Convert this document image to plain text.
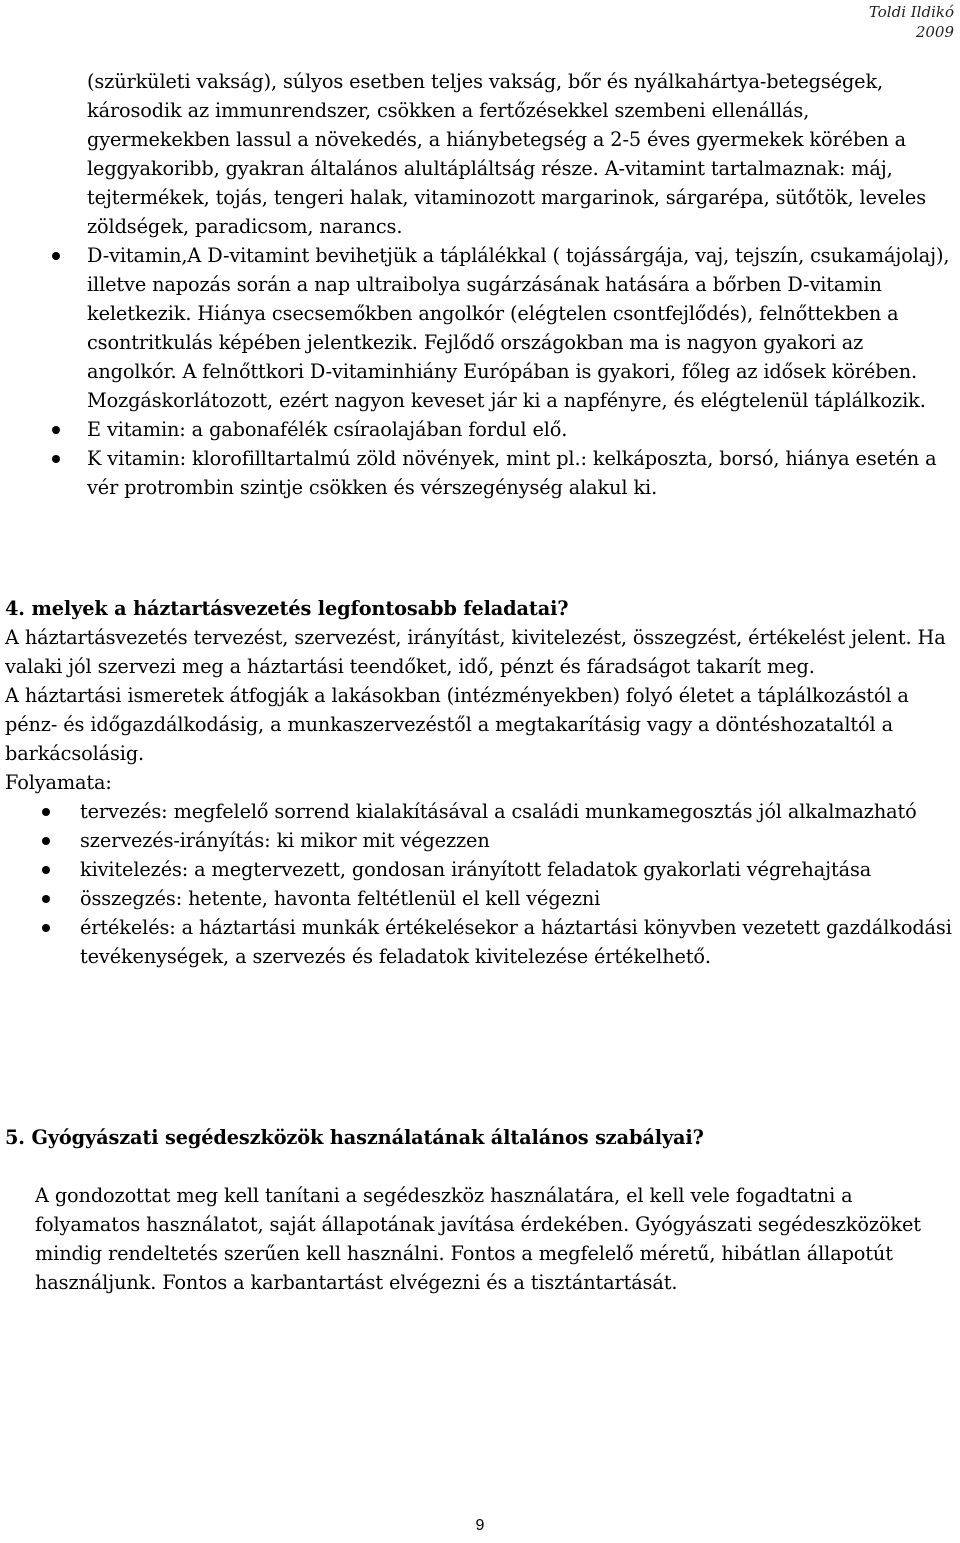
Toldi Ildikó
2009

(szürkületi vakság), súlyos esetben teljes vakság, bőr és nyálkahártya-betegségek, károsodik az immunrendszer, csökken a fertőzésekkel szembeni ellenállás, gyermekekben lassul a növekedés, a hiánybetegség a 2-5 éves gyermekek körében a leggyakoribb, gyakran általános alultápláltság része. A-vitamint tartalmaznak: máj, tejtermékek, tojás, tengeri halak, vitaminozott margarinok, sárgarépa, sütőtök, leveles zöldségek, paradicsom, narancs.

D-vitamin,A D-vitamint bevihetjük a táplálékkal ( tojássárgája, vaj, tejszín, csukamájolaj), illetve napozás során a nap ultraibolya sugárzásának hatására a bőrben D-vitamin keletkezik. Hiánya csecsemőkben angolkór (elégtelen csontfejlődés), felnőttekben a csontritkulás képében jelentkezik. Fejlődő országokban ma is nagyon gyakori az angolkór. A felnőttkori D-vitaminhiány Európában is gyakori, főleg az idősek körében. Mozgáskorlátozott, ezért nagyon keveset jár ki a napfényre, és elégtelenül táplálkozik.
E vitamin: a gabonafélék csíraolajában fordul elő.
K vitamin: klorofilltartalmú zöld növények, mint pl.: kelkáposzta, borsó, hiánya esetén a vér protrombin szintje csökken és vérszegénység alakul ki.

4. melyek a háztartásvezetés legfontosabb feladatai?

A háztartásvezetés tervezést, szervezést, irányítást, kivitelezést, összegzést, értékelést jelent. Ha valaki jól szervezi meg a háztartási teendőket, idő, pénzt és fáradságot takarít meg.

A háztartási ismeretek átfogják a lakásokban (intézményekben) folyó életet a táplálkozástól a pénz- és időgazdálkodásig, a munkaszervezéstől a megtakarításig vagy a döntéshozataltól a barkácsolásig.

Folyamata:

tervezés: megfelelő sorrend kialakításával a családi munkamegosztás jól alkalmazható
szervezés-irányítás: ki mikor mit végezzen
kivitelezés: a megtervezett, gondosan irányított feladatok gyakorlati végrehajtása
összegzés: hetente, havonta feltétlenül el kell végezni
értékelés: a háztartási munkák értékelésekor a háztartási könyvben vezetett gazdálkodási tevékenységek, a szervezés és feladatok kivitelezése értékelhető.

5. Gyógyászati segédeszközök használatának általános szabályai?

A gondozottat meg kell tanítani a segédeszköz használatára, el kell vele fogadtatni a folyamatos használatot, saját állapotának javítása érdekében. Gyógyászati segédeszközöket mindig rendeltetés szerűen kell használni. Fontos a megfelelő méretű, hibátlan állapotút használjunk. Fontos a karbantartást elvégezni és a tisztántartását.

9
